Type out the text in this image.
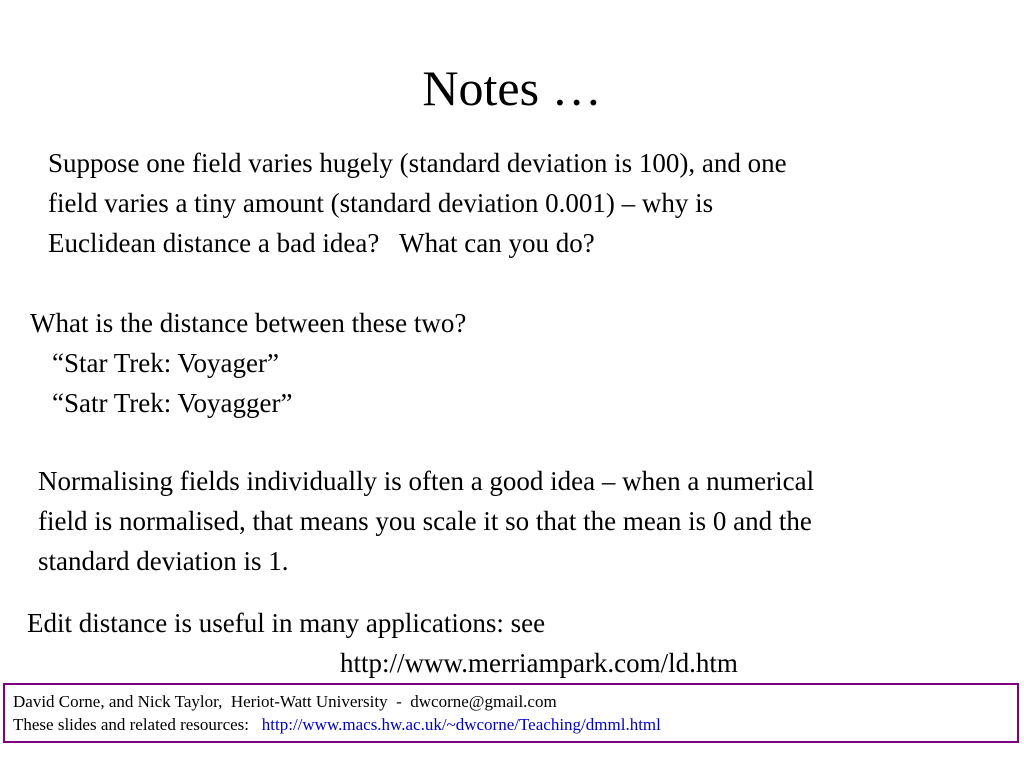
Notes …

Suppose one field varies hugely (standard deviation is 100), and one
field varies a tiny amount (standard deviation 0.001) – why is
Euclidean distance a bad idea?   What can you do?

What is the distance between these two?
“Star Trek: Voyager”
“Satr Trek: Voyagger”

Normalising fields individually is often a good idea – when a numerical
field is normalised, that means you scale it so that the mean is 0 and the
standard deviation is 1.

Edit distance is useful in many applications: see
http://www.merriampark.com/ld.htm

David Corne, and Nick Taylor,  Heriot-Watt University  -  dwcorne@gmail.com
These slides and related resources:   http://www.macs.hw.ac.uk/~dwcorne/Teaching/dmml.html
